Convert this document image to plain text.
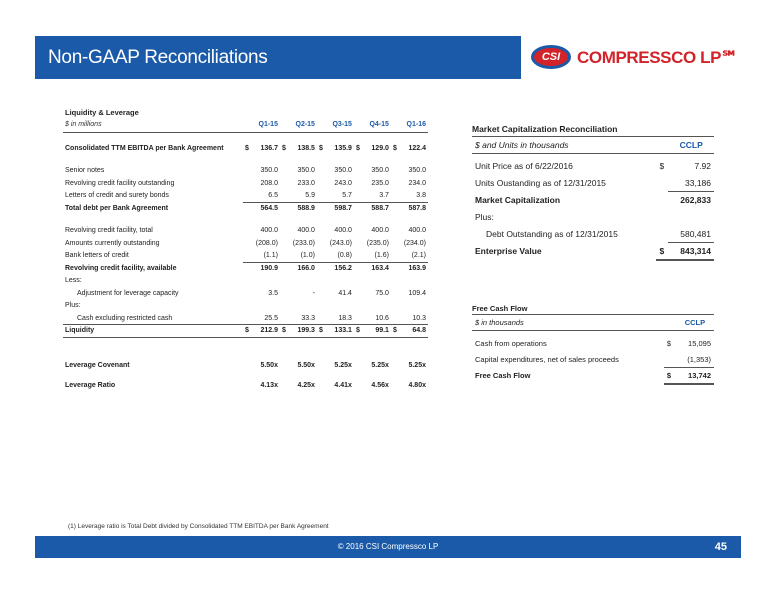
Non-GAAP Reconciliations	CSI COMPRESSCO LP℠
Liquidity & Leverage
$ in millions		Q1-15		Q2-15		Q3-15		Q4-15		Q1-16

Consolidated TTM EBITDA per Bank Agreement	$	136.7	$	138.5	$	135.9	$	129.0	$	122.4

Senior notes		350.0		350.0		350.0		350.0		350.0
Revolving credit facility outstanding		208.0		233.0		243.0		235.0		234.0
Letters of credit and surety bonds		6.5		5.9		5.7		3.7		3.8
Total debt per Bank Agreement		564.5		588.9		598.7		588.7		587.8

Revolving credit facility, total		400.0		400.0		400.0		400.0		400.0
Amounts currently outstanding		(208.0)		(233.0)		(243.0)		(235.0)		(234.0)
Bank letters of credit		(1.1)		(1.0)		(0.8)		(1.6)		(2.1)
Revolving credit facility, available		190.9		166.0		156.2		163.4		163.9
Less:										
Adjustment for leverage capacity		3.5		-		41.4		75.0		109.4
Plus:										
Cash excluding restricted cash		25.5		33.3		18.3		10.6		10.3
Liquidity	$	212.9	$	199.3	$	133.1	$	99.1	$	64.8

Leverage Covenant		5.50x		5.50x		5.25x		5.25x		5.25x

Leverage Ratio		4.13x		4.25x		4.41x		4.56x		4.80x
Market Capitalization Reconciliation
$ and Units in thousands		CCLP

Unit Price as of 6/22/2016	$	7.92
Units Oustanding as of 12/31/2015		33,186
Market Capitalization		262,833
Plus:		
Debt Outstanding as of 12/31/2015		580,481
Enterprise Value	$	843,314
Free Cash Flow
$ in thousands		CCLP

Cash from operations	$	15,095
Capital expenditures, net of sales proceeds		(1,353)
Free Cash Flow	$	13,742
(1) Leverage ratio is Total Debt divided by Consolidated TTM EBITDA per Bank Agreement
© 2016 CSI Compressco LP	45
